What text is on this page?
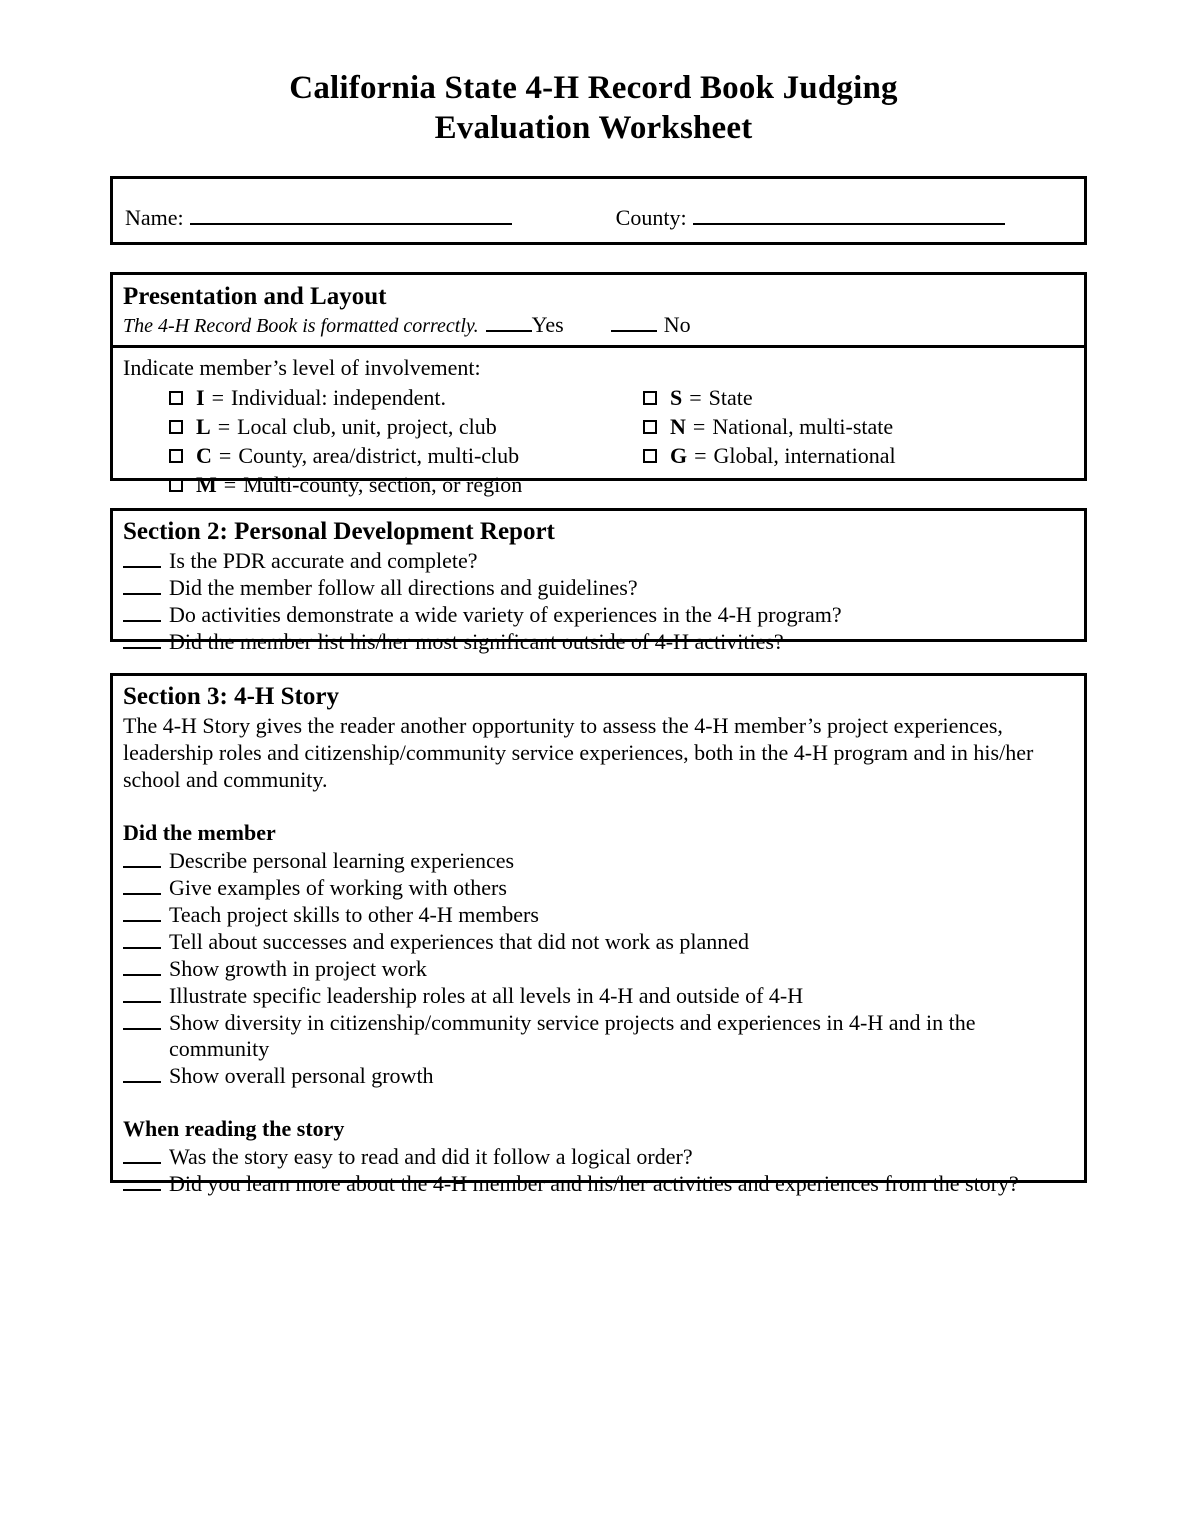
California State 4-H Record Book Judging
Evaluation Worksheet
Name:	County:

Presentation and Layout

The 4-H Record Book is formatted correctly. Yes	No

Indicate member’s level of involvement:

I = Individual: independent.
L = Local club, unit, project, club
C = County, area/district, multi-club
M = Multi-county, section, or region
S = State
N = National, multi-state
G = Global, international

Section 2: Personal Development Report

Is the PDR accurate and complete?
Did the member follow all directions and guidelines?
Do activities demonstrate a wide variety of experiences in the 4-H program?
Did the member list his/her most significant outside of 4-H activities?

Section 3: 4-H Story

The 4-H Story gives the reader another opportunity to assess the 4-H member’s project experiences, leadership roles and citizenship/community service experiences, both in the 4-H program and in his/her school and community.

Did the member

Describe personal learning experiences
Give examples of working with others
Teach project skills to other 4-H members
Tell about successes and experiences that did not work as planned
Show growth in project work
Illustrate specific leadership roles at all levels in 4-H and outside of 4-H
Show diversity in citizenship/community service projects and experiences in 4-H and in the community
Show overall personal growth

When reading the story

Was the story easy to read and did it follow a logical order?
Did you learn more about the 4-H member and his/her activities and experiences from the story?
